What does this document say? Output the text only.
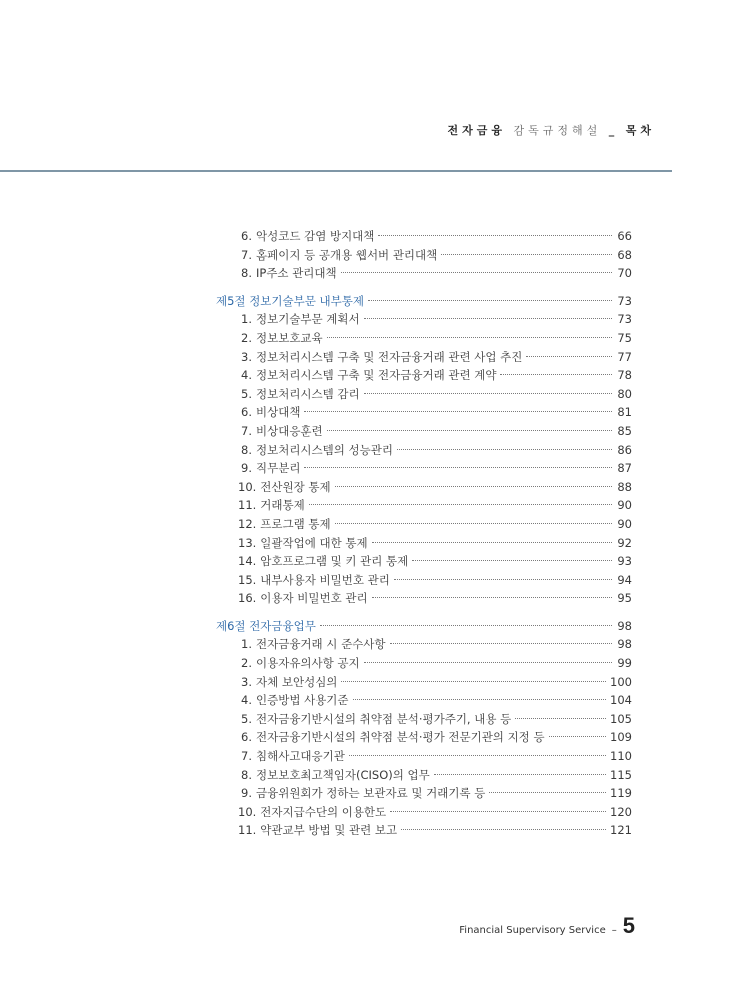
전자금융 감독규정해설 _ 목차
6. 악성코드 감염 방지대책	66
7. 홈페이지 등 공개용 웹서버 관리대책	68
8. IP주소 관리대책	70
제5절 정보기술부문 내부통제	73
1. 정보기술부문 계획서	73
2. 정보보호교육	75
3. 정보처리시스템 구축 및 전자금융거래 관련 사업 추진	77
4. 정보처리시스템 구축 및 전자금융거래 관련 계약	78
5. 정보처리시스템 감리	80
6. 비상대책	81
7. 비상대응훈련	85
8. 정보처리시스템의 성능관리	86
9. 직무분리	87
10. 전산원장 통제	88
11. 거래통제	90
12. 프로그램 통제	90
13. 일괄작업에 대한 통제	92
14. 암호프로그램 및 키 관리 통제	93
15. 내부사용자 비밀번호 관리	94
16. 이용자 비밀번호 관리	95
제6절 전자금융업무	98
1. 전자금융거래 시 준수사항	98
2. 이용자유의사항 공지	99
3. 자체 보안성심의	100
4. 인증방법 사용기준	104
5. 전자금융기반시설의 취약점 분석·평가주기, 내용 등	105
6. 전자금융기반시설의 취약점 분석·평가 전문기관의 지정 등	109
7. 침해사고대응기관	110
8. 정보보호최고책임자(CISO)의 업무	115
9. 금융위원회가 정하는 보관자료 및 거래기록 등	119
10. 전자지급수단의 이용한도	120
11. 약관교부 방법 및 관련 보고	121
Financial Supervisory Service – 5
